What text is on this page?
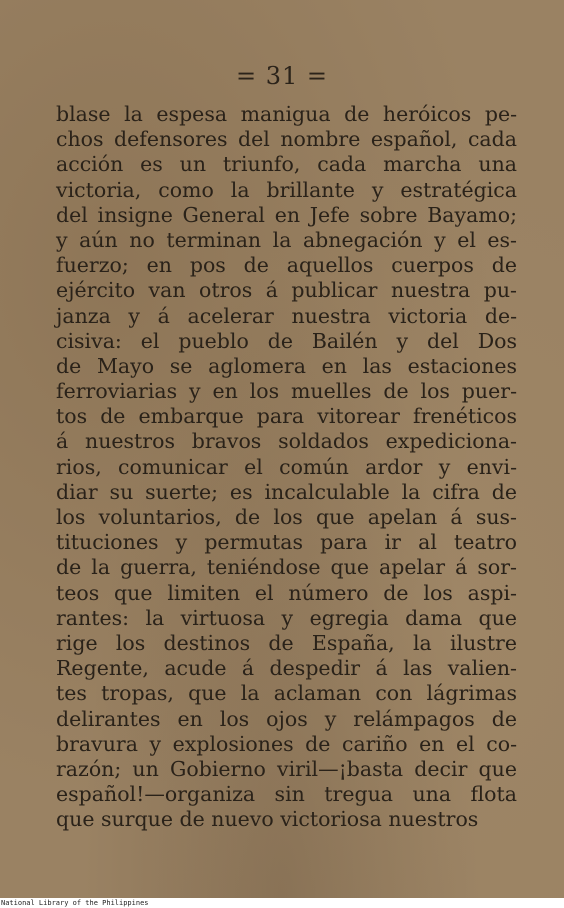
= 31 =
blase la espesa manigua de heróicos pe-
chos defensores del nombre español, cada
acción es un triunfo, cada marcha una
victoria, como la brillante y estratégica
del insigne General en Jefe sobre Bayamo;
y aún no terminan la abnegación y el es-
fuerzo; en pos de aquellos cuerpos de
ejército van otros á publicar nuestra pu-
janza y á acelerar nuestra victoria de-
cisiva: el pueblo de Bailén y del Dos
de Mayo se aglomera en las estaciones
ferroviarias y en los muelles de los puer-
tos de embarque para vitorear frenéticos
á nuestros bravos soldados expediciona-
rios, comunicar el común ardor y envi-
diar su suerte; es incalculable la cifra de
los voluntarios, de los que apelan á sus-
tituciones y permutas para ir al teatro
de la guerra, teniéndose que apelar á sor-
teos que limiten el número de los aspi-
rantes: la virtuosa y egregia dama que
rige los destinos de España, la ilustre
Regente, acude á despedir á las valien-
tes tropas, que la aclaman con lágrimas
delirantes en los ojos y relámpagos de
bravura y explosiones de cariño en el co-
razón; un Gobierno viril—¡basta decir que
español!—organiza sin tregua una flota
que surque de nuevo victoriosa nuestros
National Library of the Philippines
